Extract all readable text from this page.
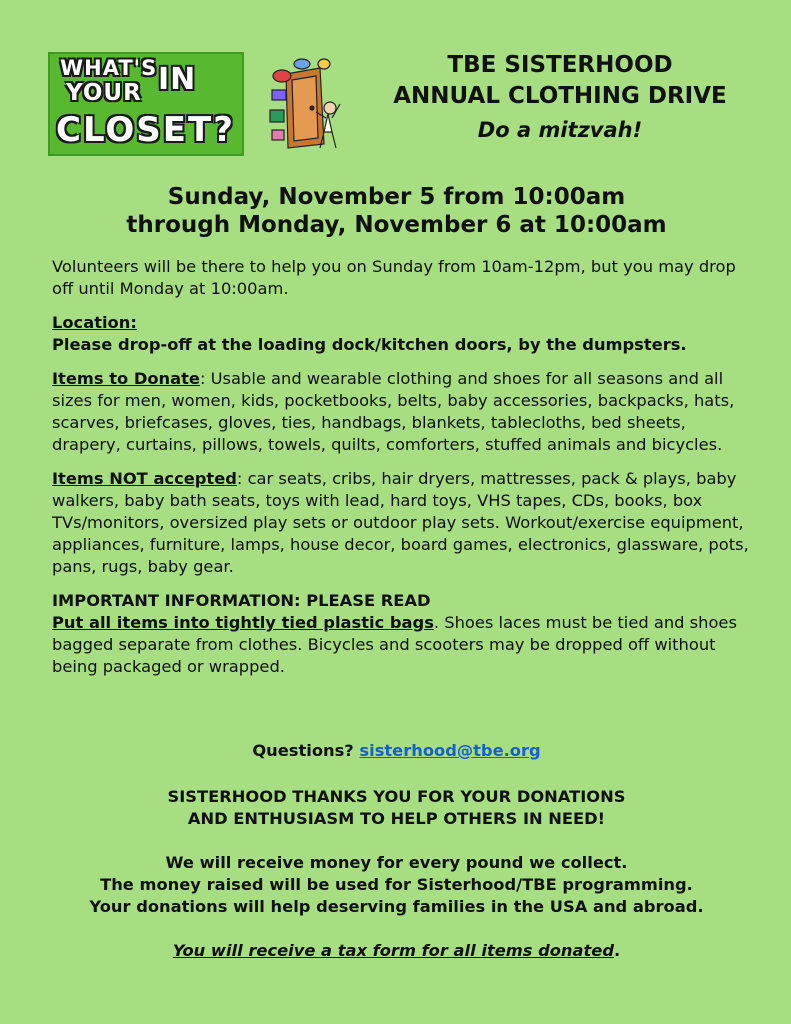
WHAT'S IN
YOUR
CLOSET?
TBE SISTERHOOD
ANNUAL CLOTHING DRIVE
Do a mitzvah!
Sunday, November 5 from 10:00am
through Monday, November 6 at 10:00am

Volunteers will be there to help you on Sunday from 10am-12pm, but you may drop off until Monday at 10:00am.

Location:
Please drop-off at the loading dock/kitchen doors, by the dumpsters.

Items to Donate: Usable and wearable clothing and shoes for all seasons and all sizes for men, women, kids, pocketbooks, belts, baby accessories, backpacks, hats, scarves, briefcases, gloves, ties, handbags, blankets, tablecloths, bed sheets, drapery, curtains, pillows, towels, quilts, comforters, stuffed animals and bicycles.

Items NOT accepted: car seats, cribs, hair dryers, mattresses, pack & plays, baby walkers, baby bath seats, toys with lead, hard toys, VHS tapes, CDs, books, box TVs/monitors, oversized play sets or outdoor play sets. Workout/exercise equipment, appliances, furniture, lamps, house decor, board games, electronics, glassware, pots, pans, rugs, baby gear.

IMPORTANT INFORMATION: PLEASE READ
Put all items into tightly tied plastic bags. Shoes laces must be tied and shoes bagged separate from clothes. Bicycles and scooters may be dropped off without being packaged or wrapped.
Questions? sisterhood@tbe.org
SISTERHOOD THANKS YOU FOR YOUR DONATIONS
AND ENTHUSIASM TO HELP OTHERS IN NEED!
We will receive money for every pound we collect.
The money raised will be used for Sisterhood/TBE programming.
Your donations will help deserving families in the USA and abroad.
You will receive a tax form for all items donated.
